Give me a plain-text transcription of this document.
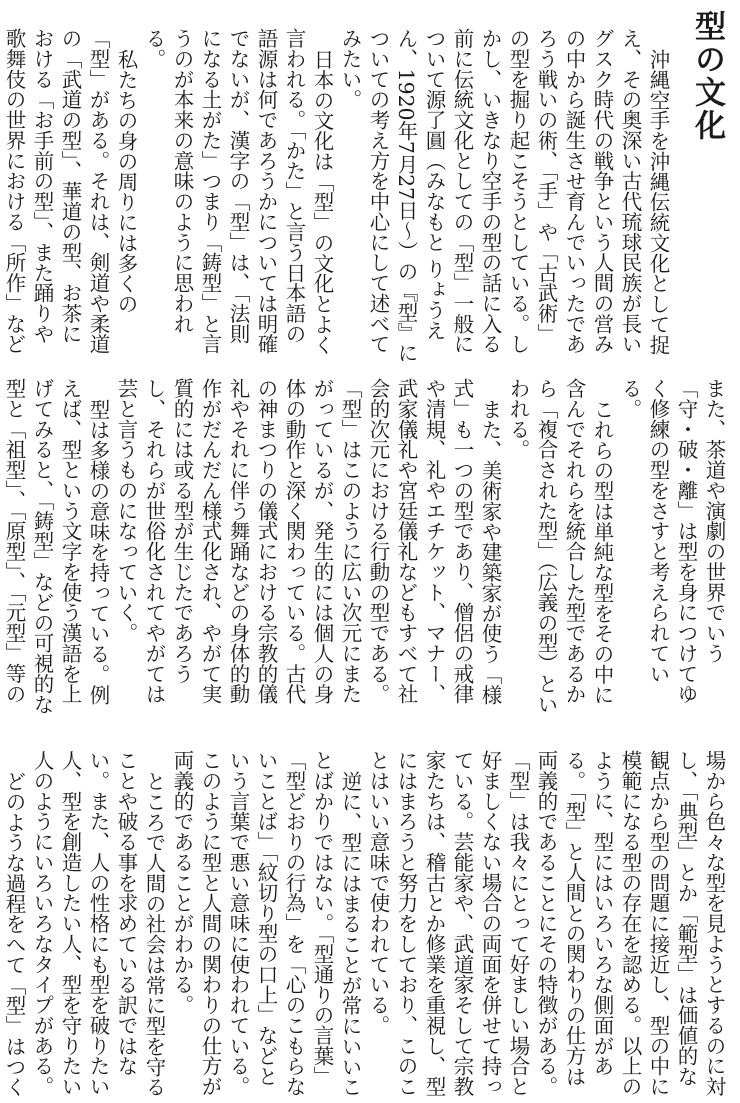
型の文化

沖縄空手を沖縄伝統文化として捉え、その奥深い古代琉球民族が長いグスク時代の戦争という人間の営みの中から誕生させ育んでいったであろう戦いの術、「手」や「古武術」の型を掘り起こそうとしている。しかし、いきなり空手の型の話に入る前に伝統文化としての「型」一般について源了圓（みなもと りょうえん、1920年7月27日～）の『型』についての考え方を中心にして述べてみたい。

日本の文化は「型」の文化とよく言われる。「かた」と言う日本語の語源は何であろうかについては明確でないが、漢字の「型」は、「法則になる土がた」つまり「鋳型」と言うのが本来の意味のように思われる。

私たちの身の周りには多くの「型」がある。それは、剣道や柔道の「武道の型」、華道の型、お茶における「お手前の型」、また踊りや歌舞伎の世界における「所作」など

また、茶道や演劇の世界でいう「守・破・離」は型を身につけてゆく修練の型をさすと考えられている。

これらの型は単純な型をその中に含んでそれらを統合した型であるから「複合された型」（広義の型）といわれる。

また、美術家や建築家が使う「様式」も一つの型であり、僧侶の戒律や清規、礼やエチケット、マナー、武家儀礼や宮廷儀礼などもすべて社会的次元における行動の型である。「型」はこのように広い次元にまたがっているが、発生的には個人の身体の動作と深く関わっている。古代の神まつりの儀式における宗教的儀礼やそれに伴う舞踊などの身体的動作がだんだん様式化され、やがて実質的には或る型が生じたであろうし、それらが世俗化されてやがては芸と言うものになっていく。

型は多様の意味を持っている。例えば、型という文字を使う漢語を上げてみると、「鋳型」などの可視的な型と「祖型」、「原型」、「元型」等の

場から色々な型を見ようとするのに対し、「典型」とか「範型」は価値的な観点から型の問題に接近し、型の中に模範になる型の存在を認める。以上のように、型にはいろいろな側面がある。「型」と人間との関わりの仕方は両義的であることにその特徴がある。「型」は我々にとって好ましい場合と好ましくない場合の両面を併せて持っている。芸能家や、武道家そして宗教家たちは、稽古とか修業を重視し、型にはまろうと努力をしており、このことはいい意味で使われている。

逆に、型にはまることが常にいいことばかりではない。「型通りの言葉」「型どおりの行為」を「心のこもらないことば」「紋切り型の口上」などという言葉で悪い意味に使われている。このように型と人間の関わりの仕方が両義的であることがわかる。

ところで人間の社会は常に型を守ることや破る事を求めている訳ではない。また、人の性格にも型を破りたい人、型を創造したい人、型を守りたい人のようにいろいろなタイプがある。

どのような過程をへて「型」はつく
